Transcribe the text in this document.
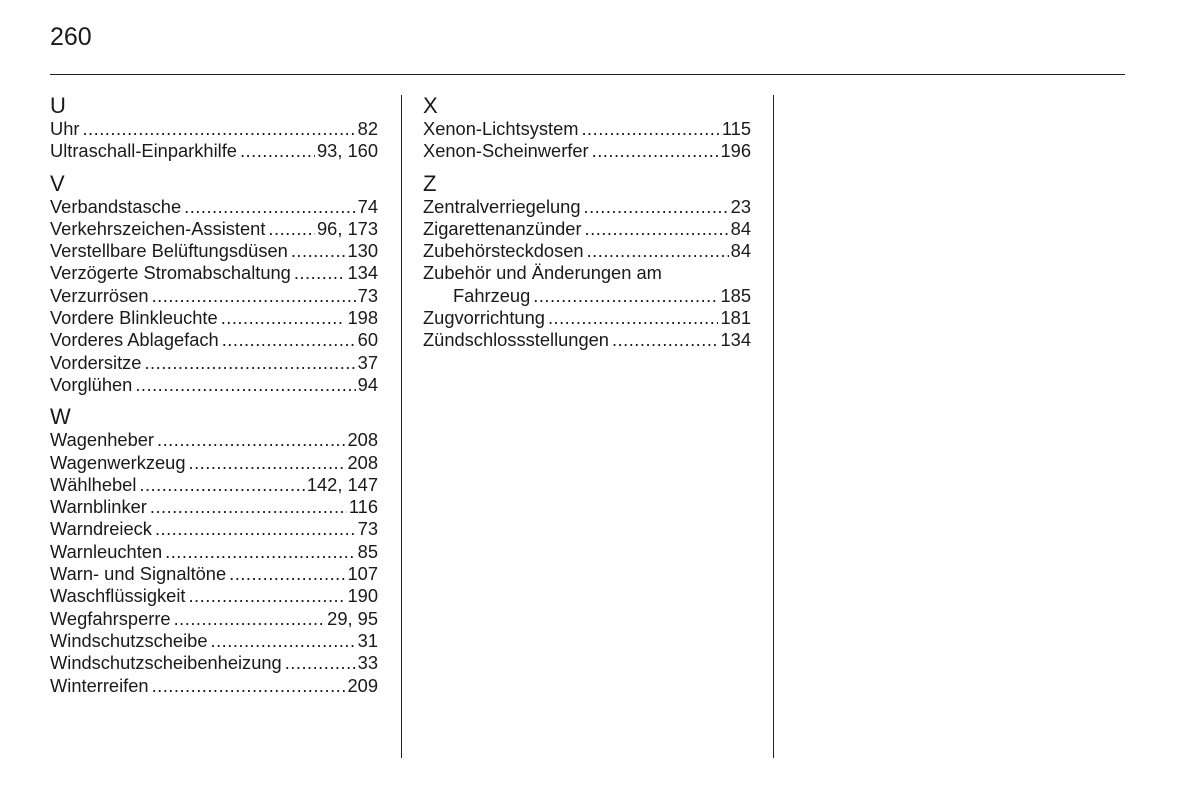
260
U
Uhr .....	82
Ultraschall-Einparkhilfe .....	93, 160
V
Verbandstasche .....	74
Verkehrszeichen-Assistent .....	96, 173
Verstellbare Belüftungsdüsen .....	130
Verzögerte Stromabschaltung .....	134
Verzurrösen .....	73
Vordere Blinkleuchte .....	198
Vorderes Ablagefach .....	60
Vordersitze .....	37
Vorglühen .....	94
W
Wagenheber .....	208
Wagenwerkzeug .....	208
Wählhebel .....	142, 147
Warnblinker .....	116
Warndreieck .....	73
Warnleuchten .....	85
Warn- und Signaltöne .....	107
Waschflüssigkeit .....	190
Wegfahrsperre .....	29, 95
Windschutzscheibe .....	31
Windschutzscheibenheizung .....	33
Winterreifen .....	209
X
Xenon-Lichtsystem .....	115
Xenon-Scheinwerfer .....	196
Z
Zentralverriegelung .....	23
Zigarettenanzünder .....	84
Zubehörsteckdosen .....	84
Zubehör und Änderungen am
Fahrzeug .....	185
Zugvorrichtung .....	181
Zündschlossstellungen .....	134
